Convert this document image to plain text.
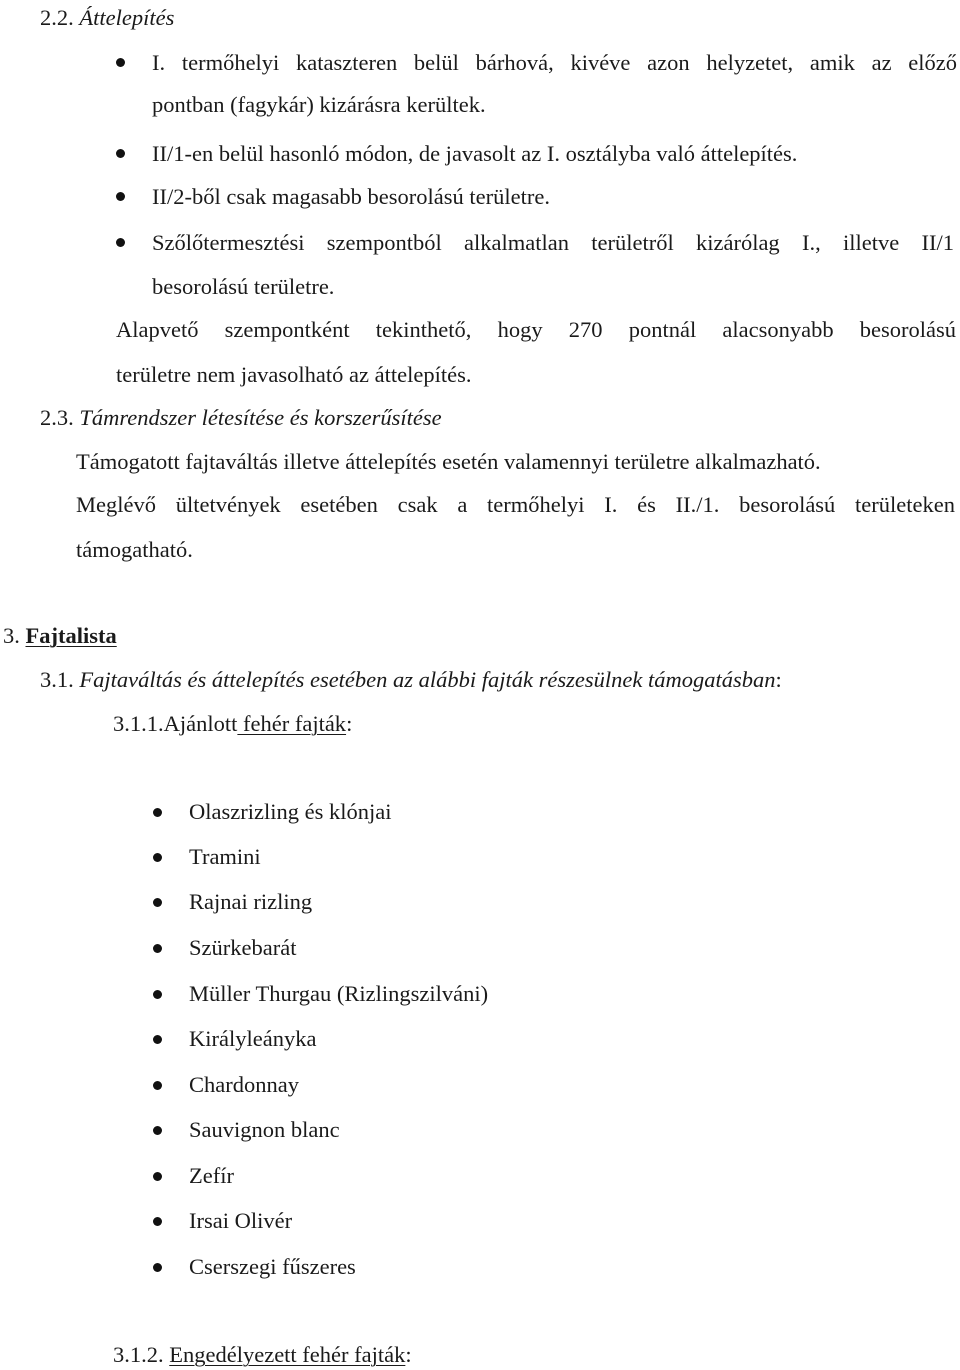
2.2. Áttelepítés
I. termőhelyi kataszteren belül bárhová, kivéve azon helyzetet, amik az előző
pontban (fagykár) kizárásra kerültek.
II/1-en belül hasonló módon, de javasolt az I. osztályba való áttelepítés.
II/2-ből csak magasabb besorolású területre.
Szőlőtermesztési szempontból alkalmatlan területről kizárólag I., illetve II/1
besorolású területre.
Alapvető szempontként tekinthető, hogy 270 pontnál alacsonyabb besorolású
területre nem javasolható az áttelepítés.
2.3. Támrendszer létesítése és korszerűsítése
Támogatott fajtaváltás illetve áttelepítés esetén valamennyi területre alkalmazható.
Meglévő ültetvények esetében csak a termőhelyi I. és II./1. besorolású területeken
támogatható.
3. Fajtalista
3.1. Fajtaváltás és áttelepítés esetében az alábbi fajták részesülnek támogatásban:
3.1.1.Ajánlott fehér fajták:
Olaszrizling és klónjai
Tramini
Rajnai rizling
Szürkebarát
Müller Thurgau (Rizlingszilváni)
Királyleányka
Chardonnay
Sauvignon blanc
Zefír
Irsai Olivér
Cserszegi fűszeres
3.1.2. Engedélyezett fehér fajták:
